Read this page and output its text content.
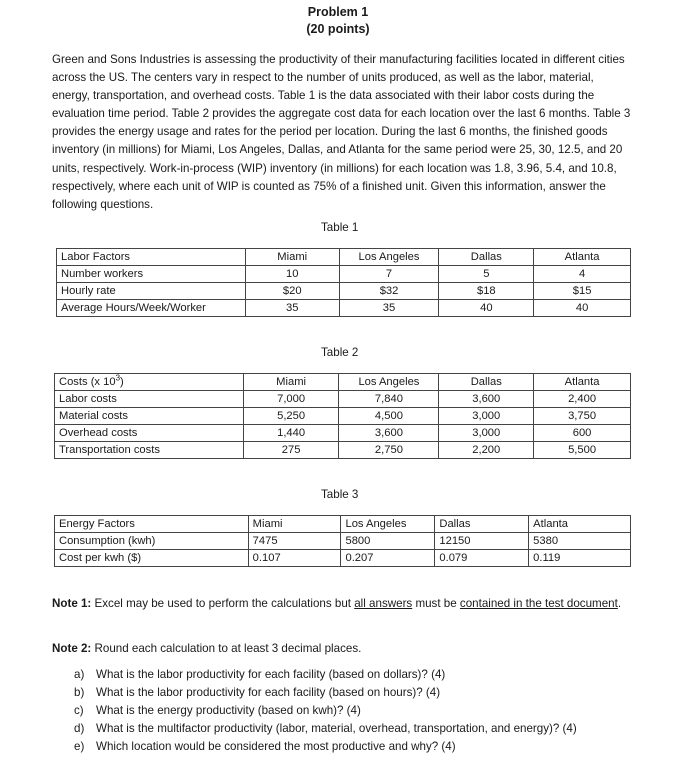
Problem 1
(20 points)

Green and Sons Industries is assessing the productivity of their manufacturing facilities located in different cities across the US. The centers vary in respect to the number of units produced, as well as the labor, material, energy, transportation, and overhead costs. Table 1 is the data associated with their labor costs during the evaluation time period. Table 2 provides the aggregate cost data for each location over the last 6 months. Table 3 provides the energy usage and rates for the period per location. During the last 6 months, the finished goods inventory (in millions) for Miami, Los Angeles, Dallas, and Atlanta for the same period were 25, 30, 12.5, and 20 units, respectively. Work-in-process (WIP) inventory (in millions) for each location was 1.8, 3.96, 5.4, and 10.8, respectively, where each unit of WIP is counted as 75% of a finished unit. Given this information, answer the following questions.

Table 1
Labor Factors	Miami	Los Angeles	Dallas	Atlanta
Number workers	10	7	5	4
Hourly rate	$20	$32	$18	$15
Average Hours/Week/Worker	35	35	40	40
Table 2
Costs (x $10^3$)	Miami	Los Angeles	Dallas	Atlanta
Labor costs	7,000	7,840	3,600	2,400
Material costs	5,250	4,500	3,000	3,750
Overhead costs	1,440	3,600	3,000	600
Transportation costs	275	2,750	2,200	5,500
Table 3
Energy Factors	Miami	Los Angeles	Dallas	Atlanta
Consumption (kwh)	7475	5800	12150	5380
Cost per kwh ($)	0.107	0.207	0.079	0.119
Note 1: Excel may be used to perform the calculations but all answers must be contained in the test document.
Note 2: Round each calculation to at least 3 decimal places.
a)	What is the labor productivity for each facility (based on dollars)? (4)
b)	What is the labor productivity for each facility (based on hours)? (4)
c)	What is the energy productivity (based on kwh)? (4)
d)	What is the multifactor productivity (labor, material, overhead, transportation, and energy)? (4)
e)	Which location would be considered the most productive and why? (4)
